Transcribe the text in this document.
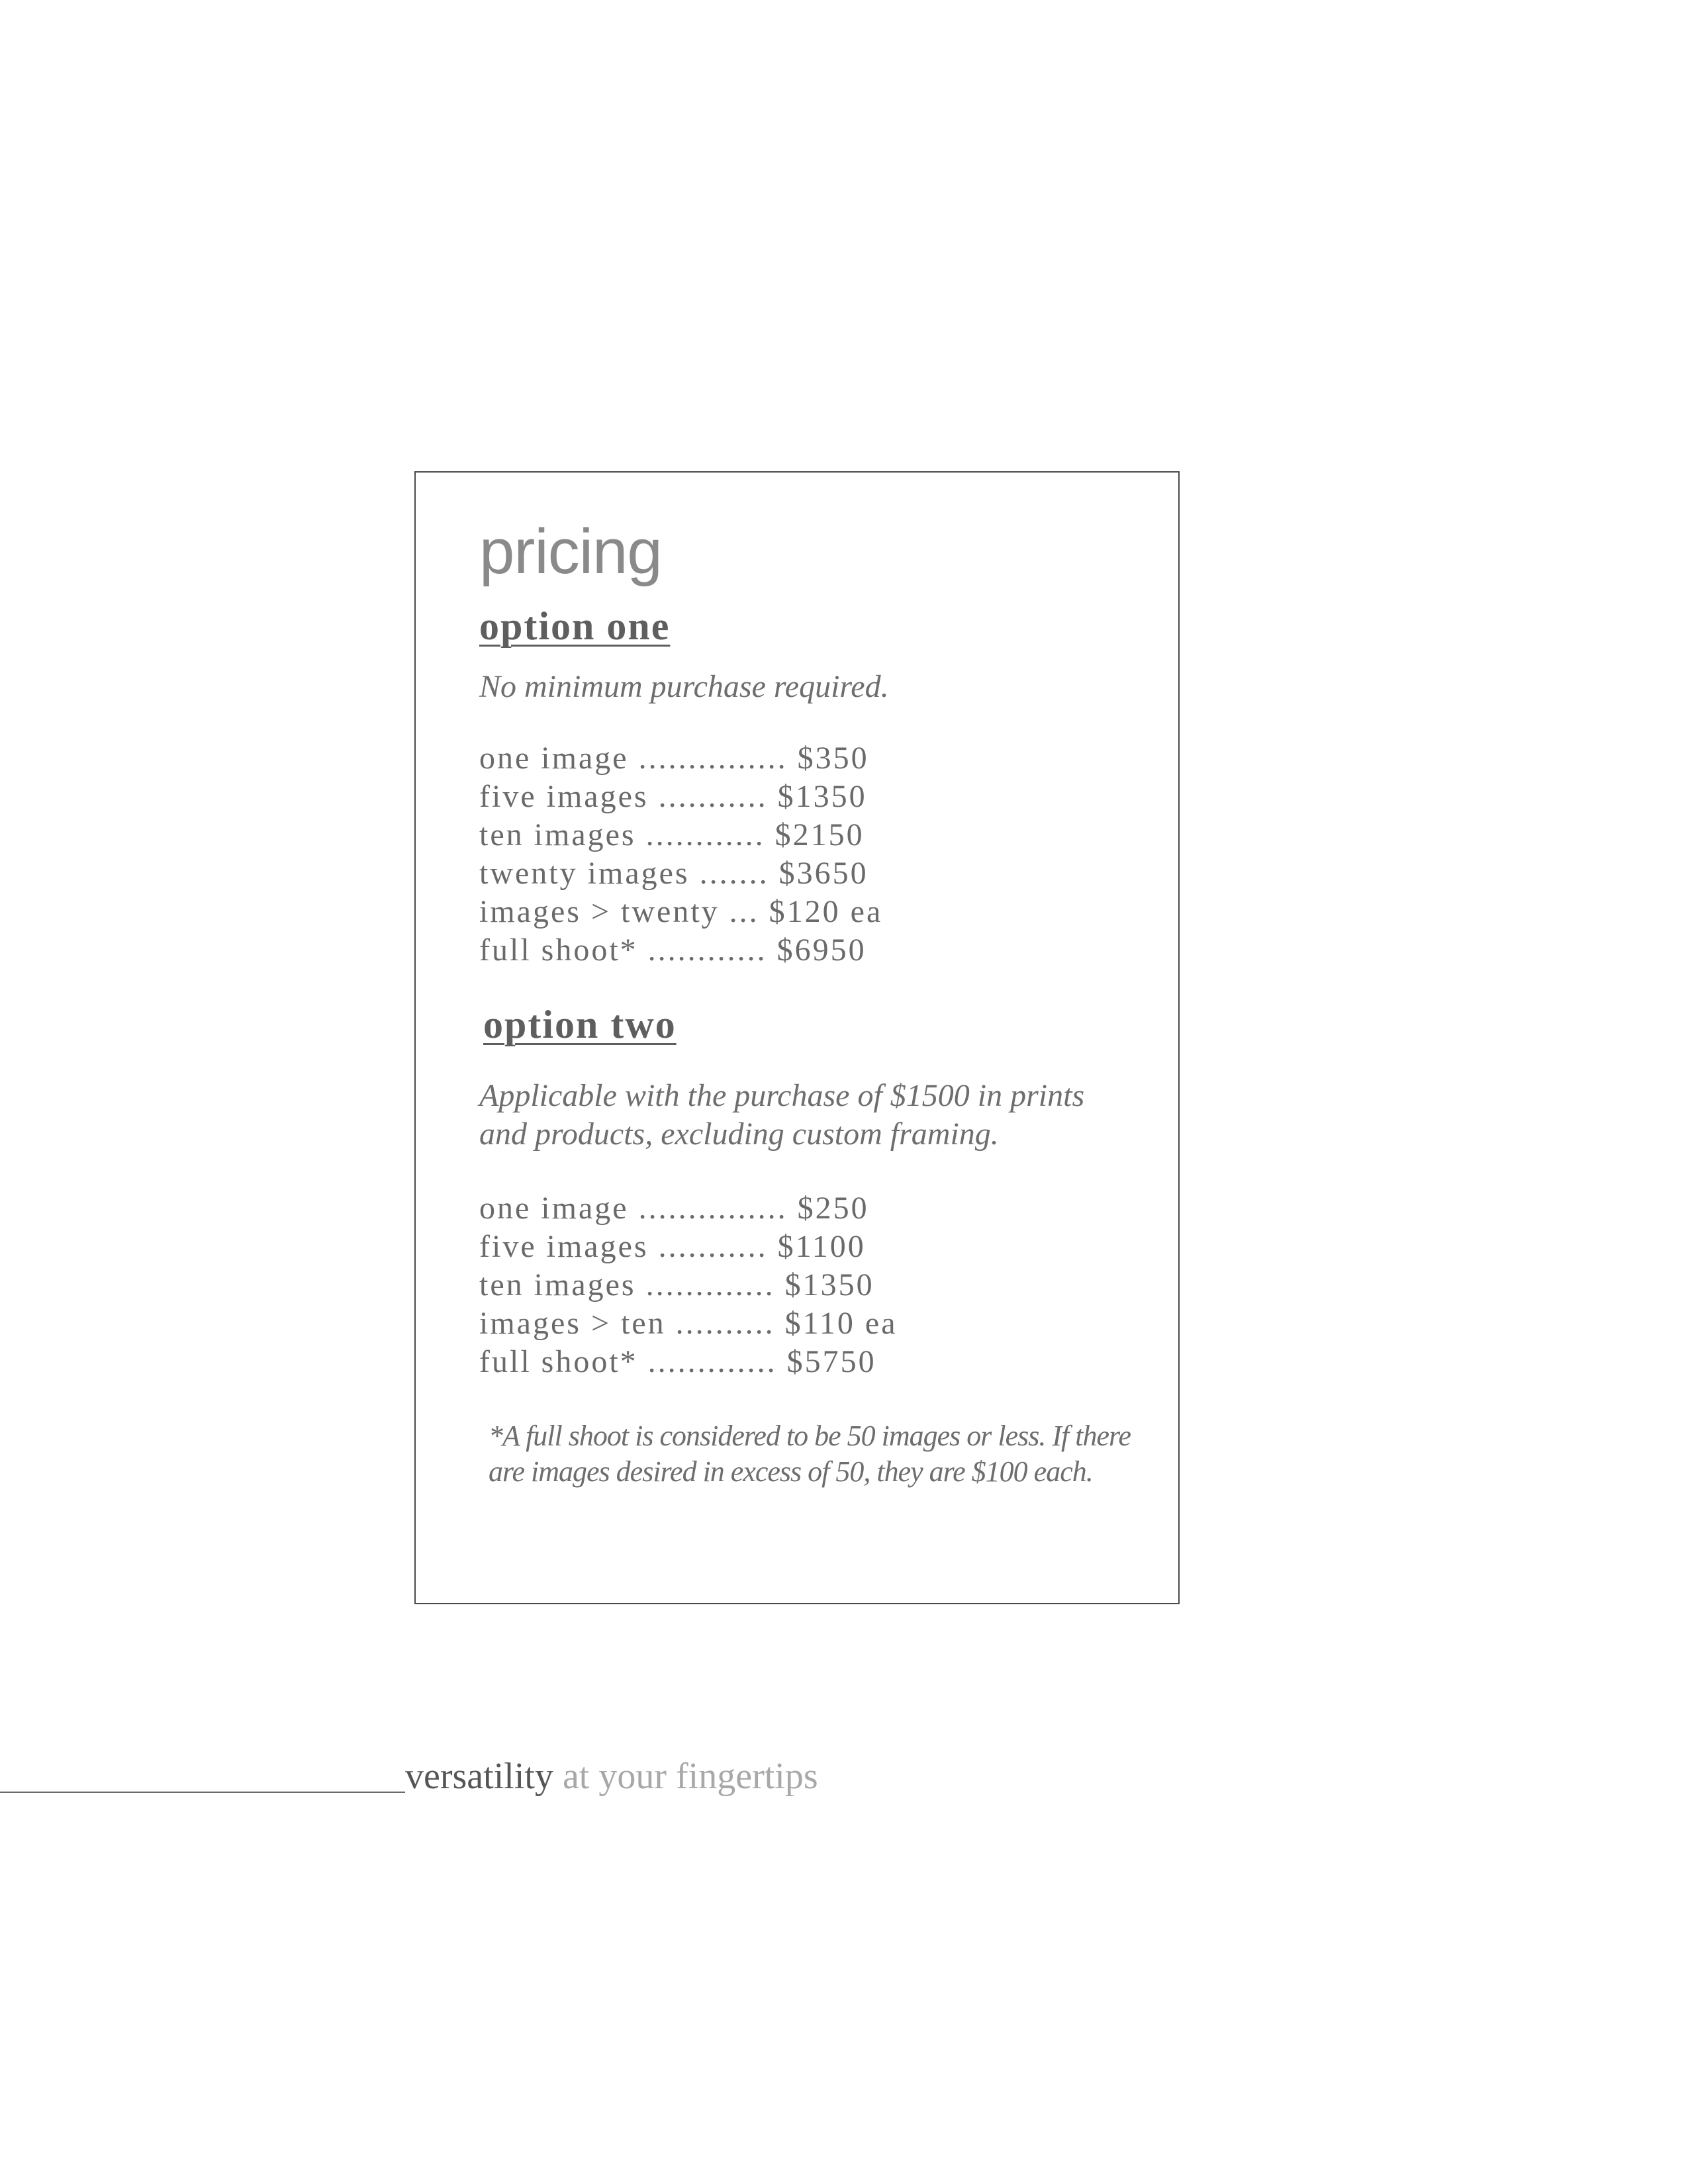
pricing
option one

No minimum purchase required.

one image ............... $350
five images ........... $1350
ten images ............ $2150
twenty images ....... $3650
images > twenty ... $120 ea
full shoot* ............ $6950
option two

Applicable with the purchase of $1500 in prints and products, excluding custom framing.

one image ............... $250
five images ........... $1100
ten images ............. $1350
images > ten .......... $110 ea
full shoot* ............. $5750

*A full shoot is considered to be 50 images or less. If there are images desired in excess of 50, they are $100 each.

versatility at your fingertips
